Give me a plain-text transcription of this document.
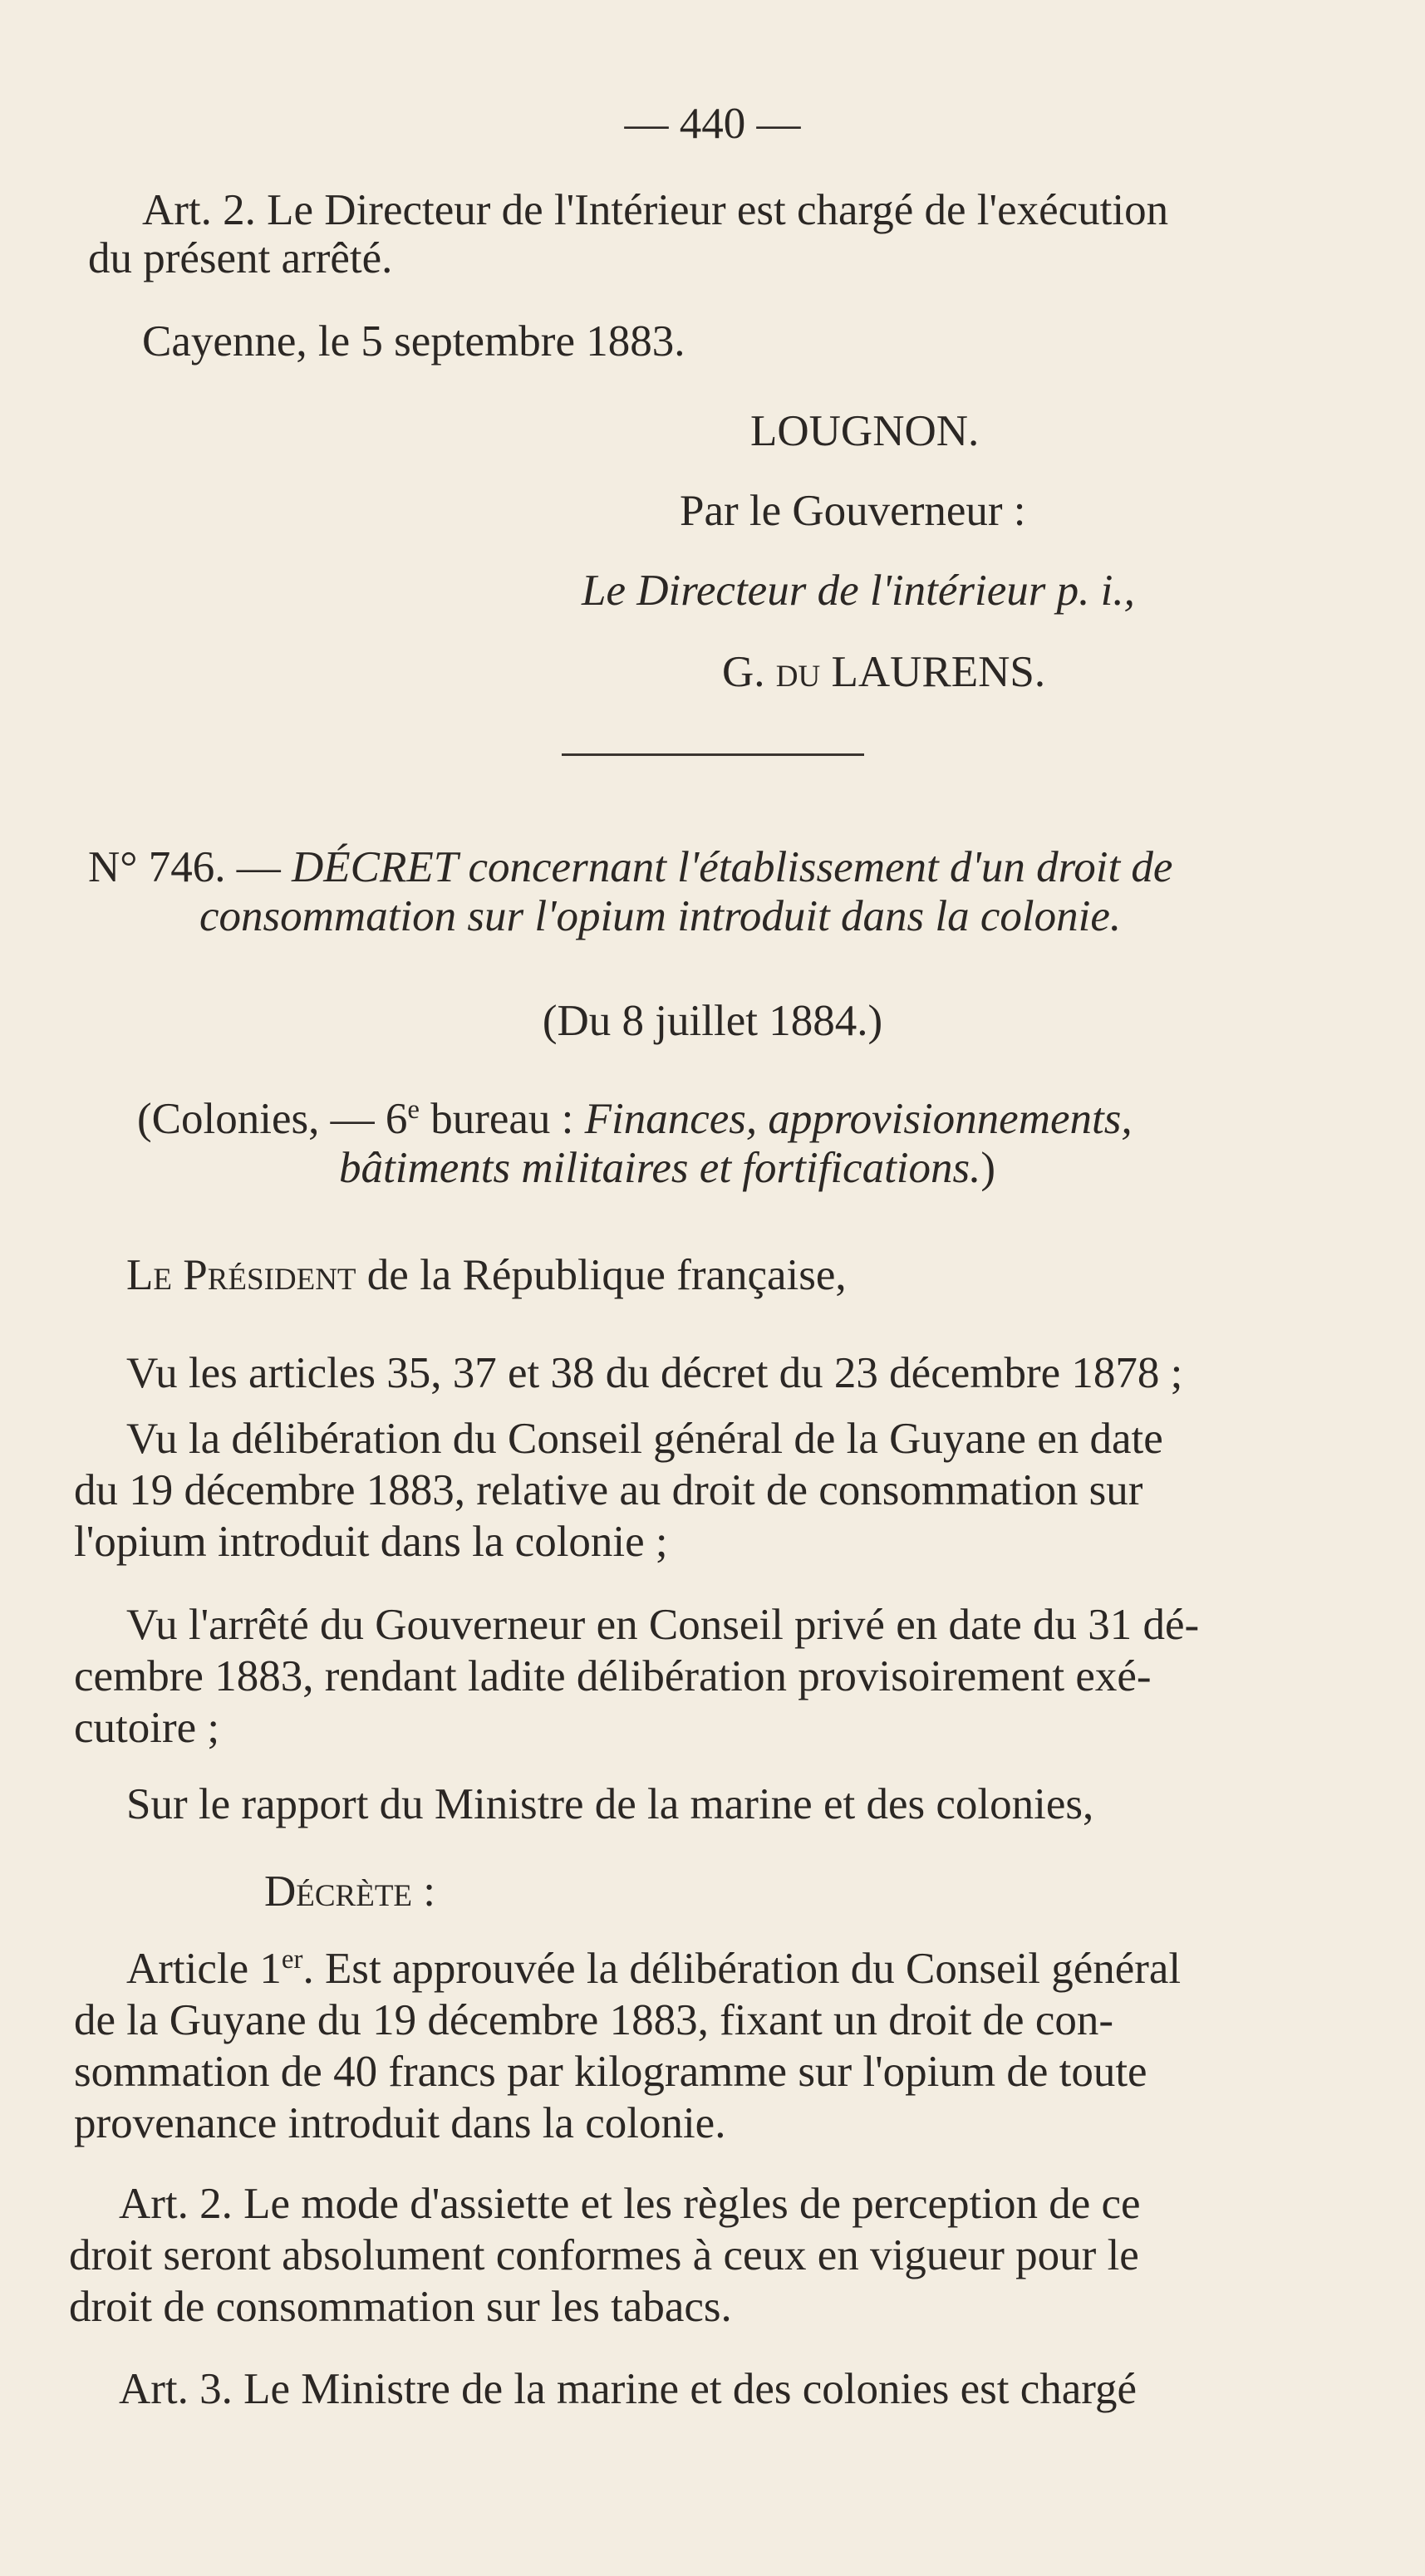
— 440 —
Art. 2. Le Directeur de l'Intérieur est chargé de l'exécution
du présent arrêté.
Cayenne, le 5 septembre 1883.
LOUGNON.
Par le Gouverneur :
Le Directeur de l'intérieur p. i.,
G. du LAURENS.
N° 746. — DÉCRET concernant l'établissement d'un droit de
consommation sur l'opium introduit dans la colonie.
(Du 8 juillet 1884.)
(Colonies, — 6e bureau : Finances, approvisionnements,
bâtiments militaires et fortifications.)
Le Président de la République française,
Vu les articles 35, 37 et 38 du décret du 23 décembre 1878 ;
Vu la délibération du Conseil général de la Guyane en date
du 19 décembre 1883, relative au droit de consommation sur
l'opium introduit dans la colonie ;
Vu l'arrêté du Gouverneur en Conseil privé en date du 31 dé-
cembre 1883, rendant ladite délibération provisoirement exé-
cutoire ;
Sur le rapport du Ministre de la marine et des colonies,
Décrète :
Article 1er. Est approuvée la délibération du Conseil général
de la Guyane du 19 décembre 1883, fixant un droit de con-
sommation de 40 francs par kilogramme sur l'opium de toute
provenance introduit dans la colonie.
Art. 2. Le mode d'assiette et les règles de perception de ce
droit seront absolument conformes à ceux en vigueur pour le
droit de consommation sur les tabacs.
Art. 3. Le Ministre de la marine et des colonies est chargé
